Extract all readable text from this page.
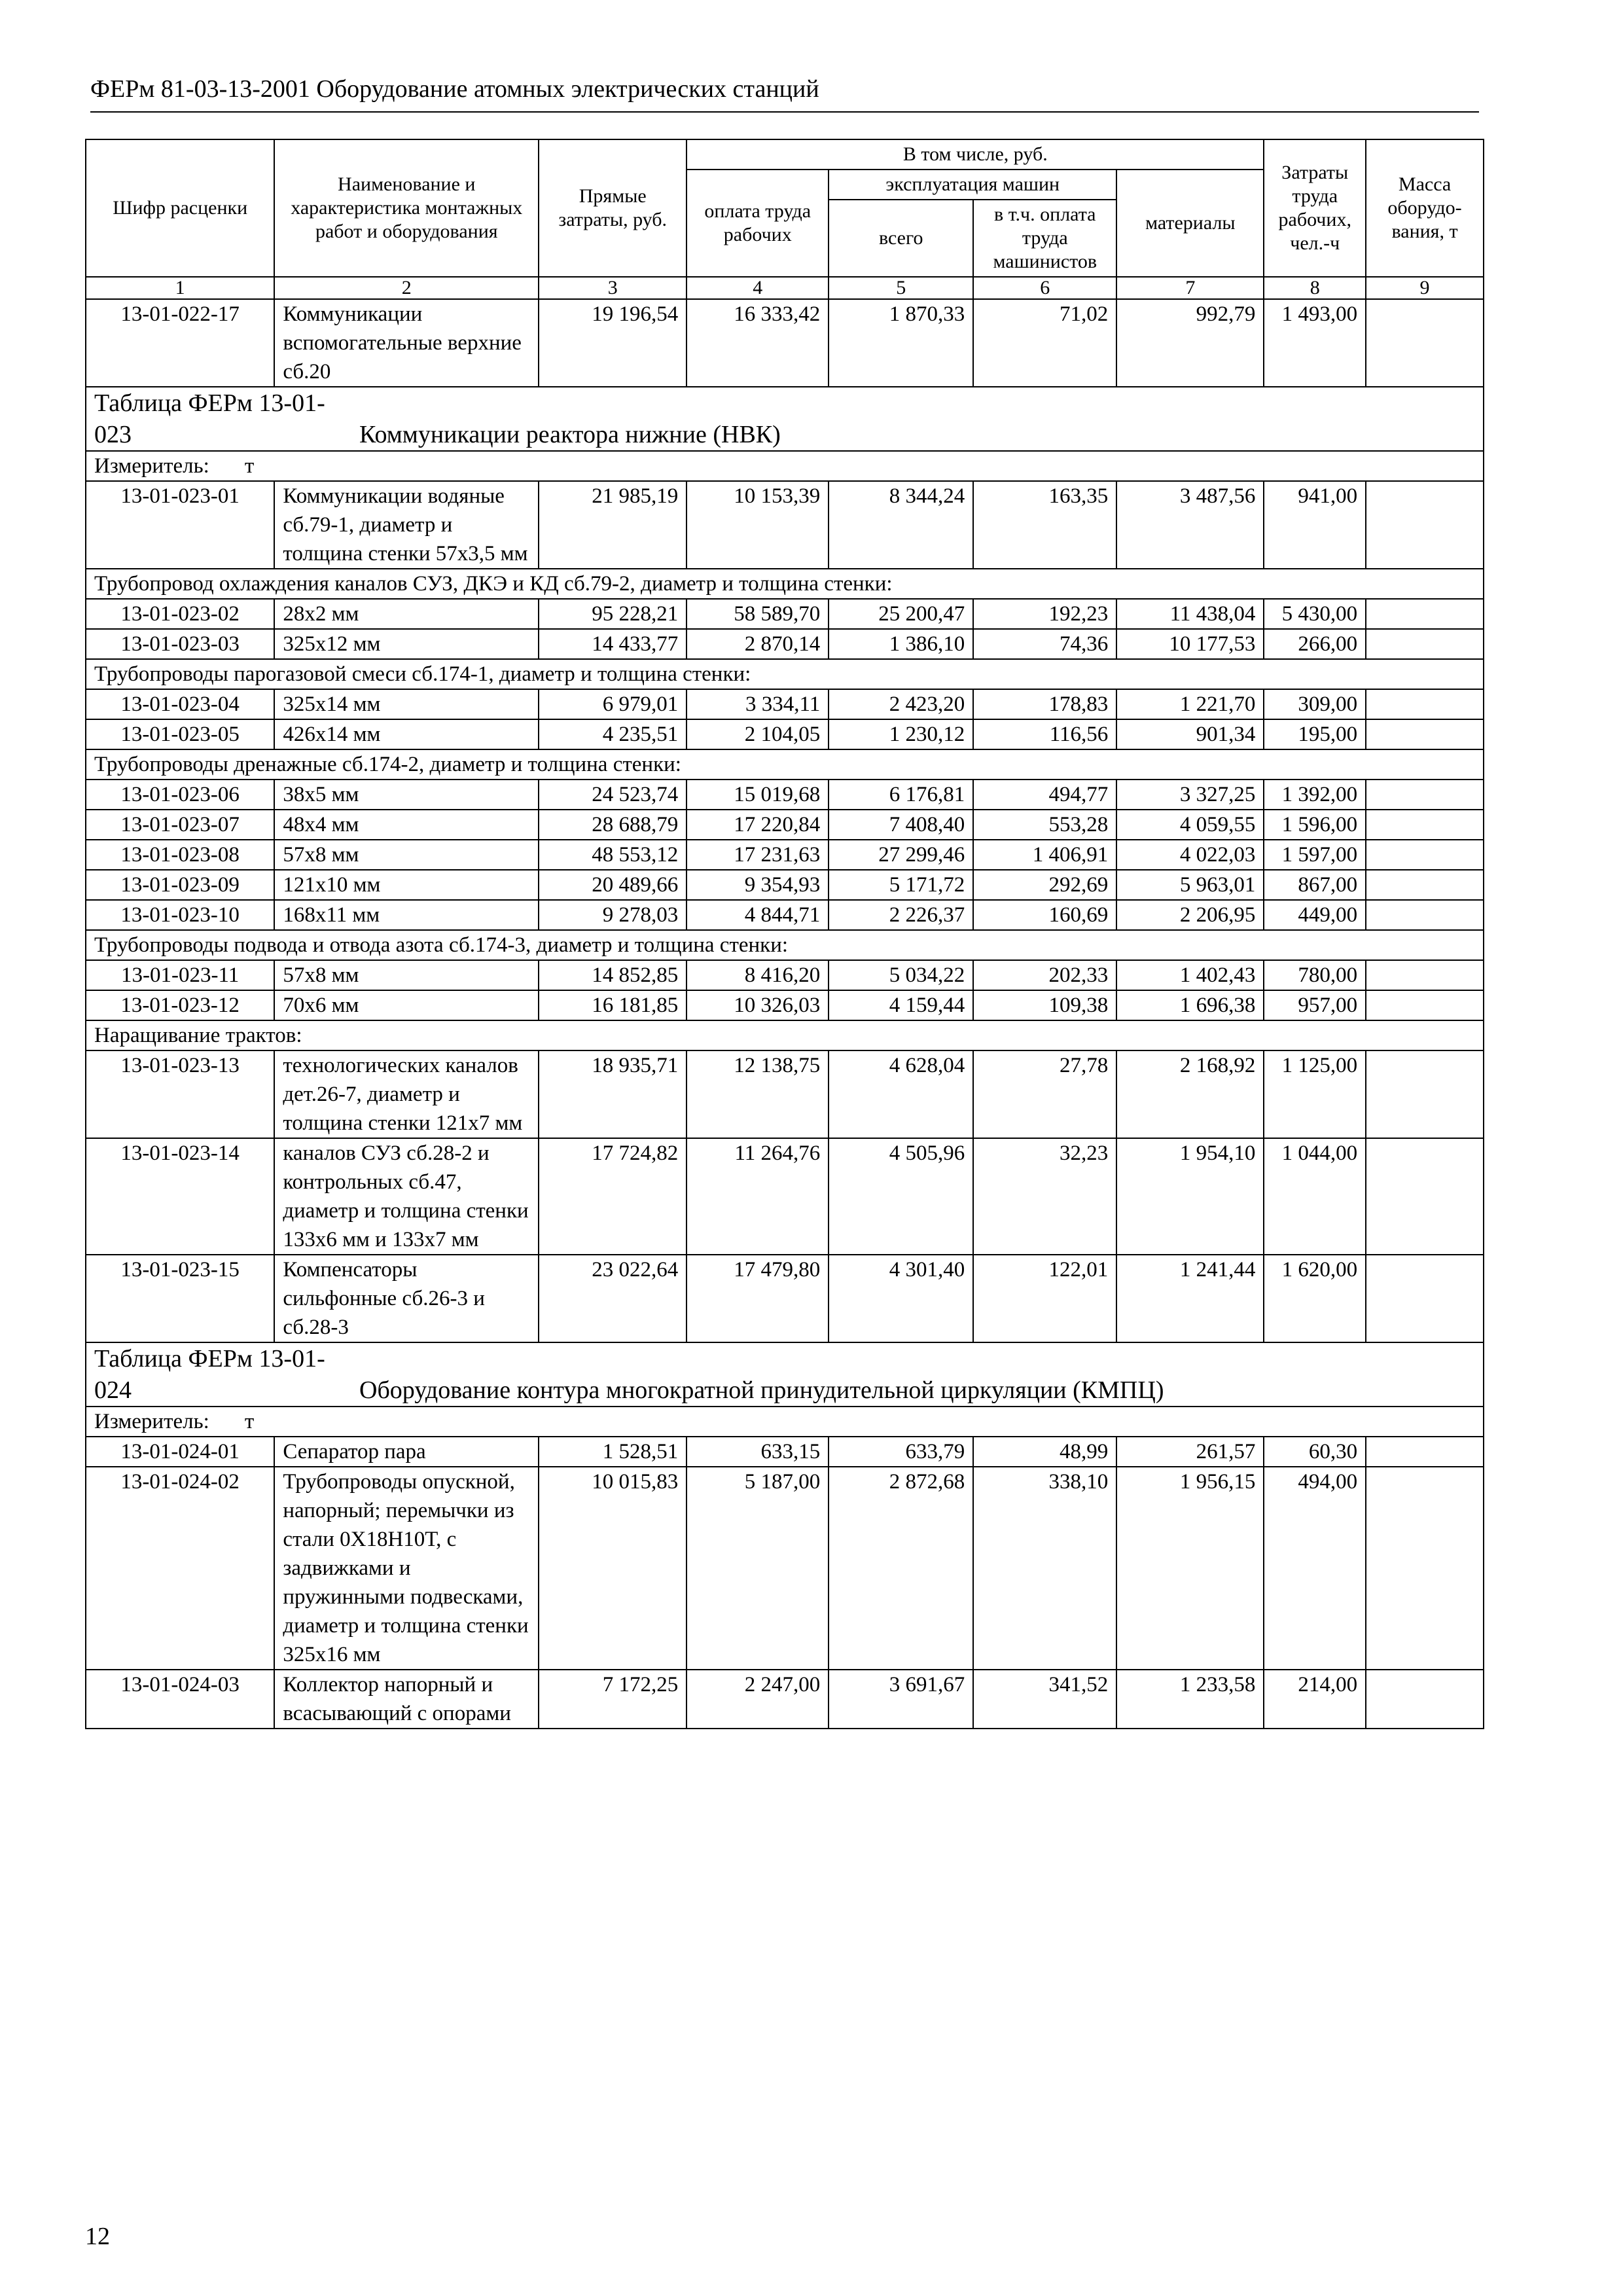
ФЕРм 81-03-13-2001 Оборудование атомных электрических станций
Шифр расценки	Наименование и характеристика монтажных работ и оборудования	Прямые затраты, руб.	В том числе, руб.				Затраты труда рабочих, чел.-ч	Масса оборудо-вания, т
			оплата труда рабочих	эксплуатация машин		материалы		
				всего	в т.ч. оплата труда машинистов			
1	2	3	4	5	6	7	8	9
13-01-022-17	Коммуникации вспомогательные верхние сб.20	19 196,54	16 333,42	1 870,33	71,02	992,79	1 493,00	
Таблица ФЕРм 13-01-023 Коммуникации реактора нижние (НВК)								
Измеритель: т								
13-01-023-01	Коммуникации водяные сб.79-1, диаметр и толщина стенки 57х3,5 мм	21 985,19	10 153,39	8 344,24	163,35	3 487,56	941,00	
Трубопровод охлаждения каналов СУЗ, ДКЭ и КД сб.79-2, диаметр и толщина стенки:								
13-01-023-02	28х2 мм	95 228,21	58 589,70	25 200,47	192,23	11 438,04	5 430,00	
13-01-023-03	325х12 мм	14 433,77	2 870,14	1 386,10	74,36	10 177,53	266,00	
Трубопроводы парогазовой смеси сб.174-1, диаметр и толщина стенки:								
13-01-023-04	325х14 мм	6 979,01	3 334,11	2 423,20	178,83	1 221,70	309,00	
13-01-023-05	426х14 мм	4 235,51	2 104,05	1 230,12	116,56	901,34	195,00	
Трубопроводы дренажные сб.174-2, диаметр и толщина стенки:								
13-01-023-06	38х5 мм	24 523,74	15 019,68	6 176,81	494,77	3 327,25	1 392,00	
13-01-023-07	48х4 мм	28 688,79	17 220,84	7 408,40	553,28	4 059,55	1 596,00	
13-01-023-08	57х8 мм	48 553,12	17 231,63	27 299,46	1 406,91	4 022,03	1 597,00	
13-01-023-09	121х10 мм	20 489,66	9 354,93	5 171,72	292,69	5 963,01	867,00	
13-01-023-10	168х11 мм	9 278,03	4 844,71	2 226,37	160,69	2 206,95	449,00	
Трубопроводы подвода и отвода азота сб.174-3, диаметр и толщина стенки:								
13-01-023-11	57х8 мм	14 852,85	8 416,20	5 034,22	202,33	1 402,43	780,00	
13-01-023-12	70х6 мм	16 181,85	10 326,03	4 159,44	109,38	1 696,38	957,00	
Наращивание трактов:								
13-01-023-13	технологических каналов дет.26-7, диаметр и толщина стенки 121х7 мм	18 935,71	12 138,75	4 628,04	27,78	2 168,92	1 125,00	
13-01-023-14	каналов СУЗ сб.28-2 и контрольных сб.47, диаметр и толщина стенки 133х6 мм и 133х7 мм	17 724,82	11 264,76	4 505,96	32,23	1 954,10	1 044,00	
13-01-023-15	Компенсаторы сильфонные сб.26-3 и сб.28-3	23 022,64	17 479,80	4 301,40	122,01	1 241,44	1 620,00	
Таблица ФЕРм 13-01-024 Оборудование контура многократной принудительной циркуляции (КМПЦ)								
Измеритель: т								
13-01-024-01	Сепаратор пара	1 528,51	633,15	633,79	48,99	261,57	60,30	
13-01-024-02	Трубопроводы опускной, напорный; перемычки из стали 0Х18Н10Т, с задвижками и пружинными подвесками, диаметр и толщина стенки 325х16 мм	10 015,83	5 187,00	2 872,68	338,10	1 956,15	494,00	
13-01-024-03	Коллектор напорный и всасывающий с опорами	7 172,25	2 247,00	3 691,67	341,52	1 233,58	214,00	
12
